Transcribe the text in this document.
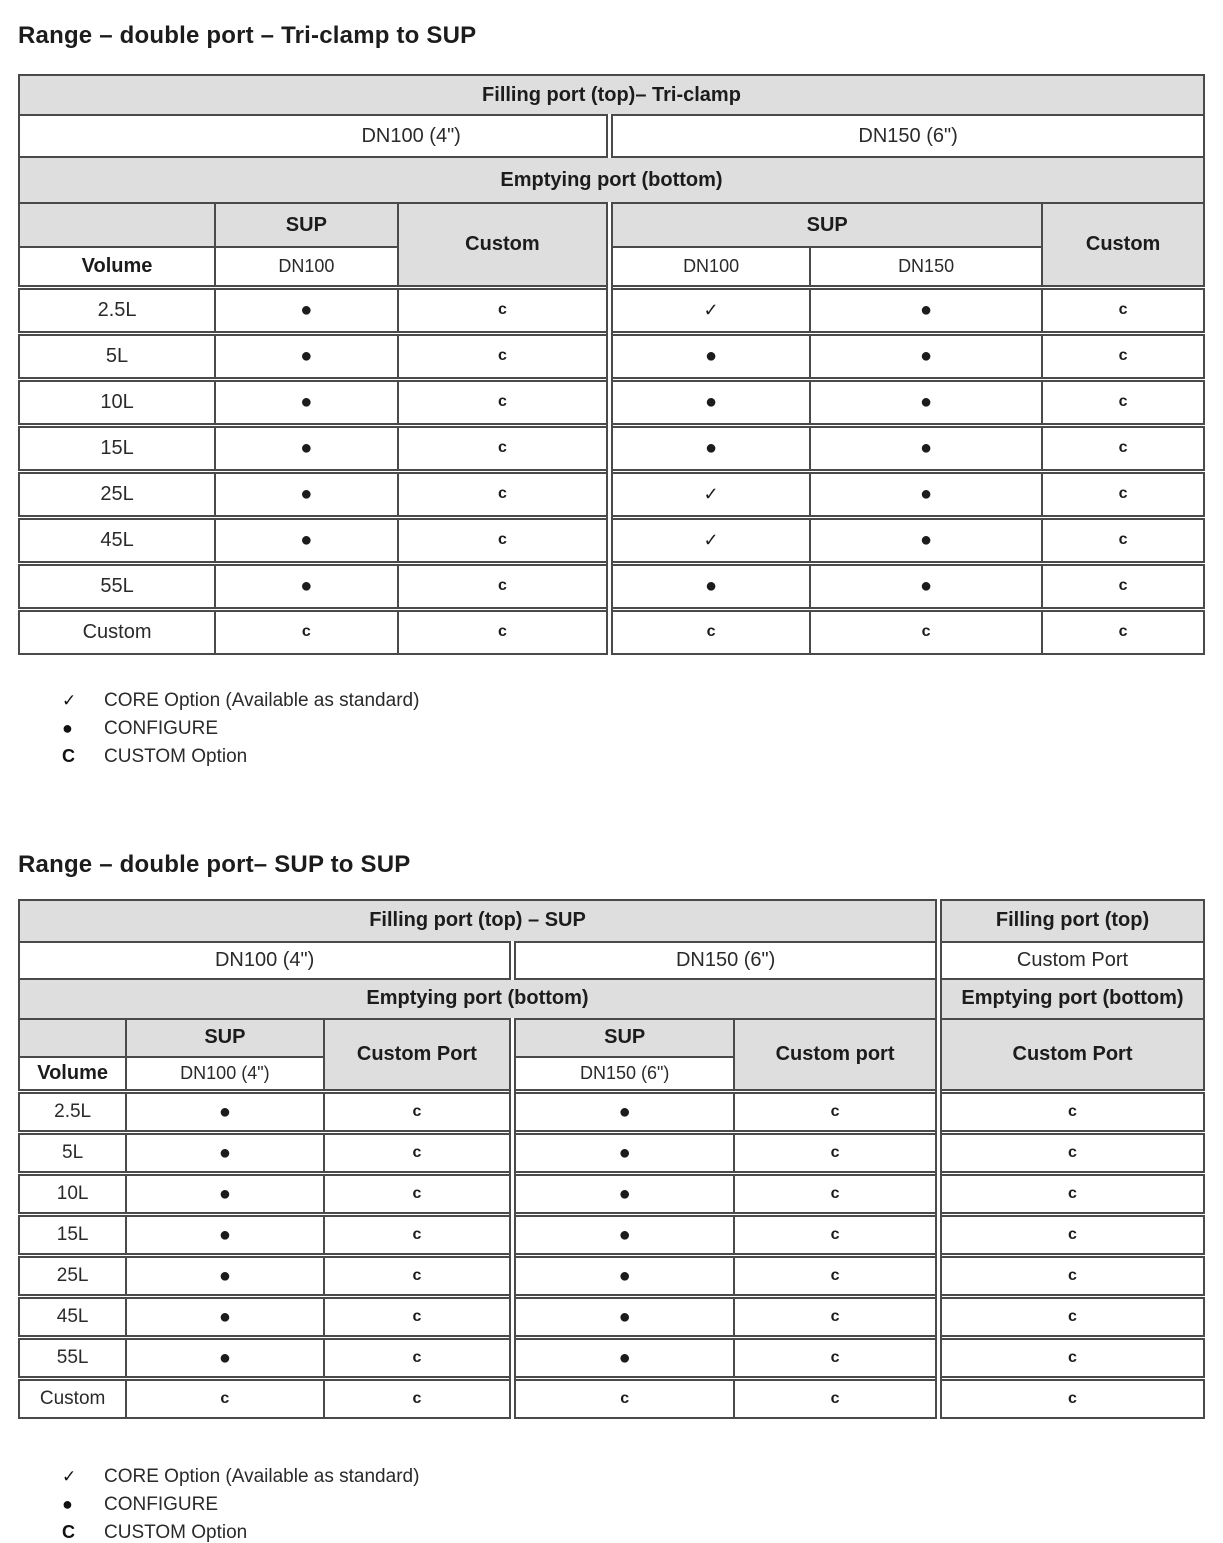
Range – double port – Tri-clamp to SUP
Filling port (top)– Tri-clamp					
DN100 (4")			DN150 (6")		
Emptying port (bottom)					
	SUP	Custom	SUP		Custom
Volume	DN100		DN100	DN150	
2.5L	●	c	✓	●	c
5L	●	c	●	●	c
10L	●	c	●	●	c
15L	●	c	●	●	c
25L	●	c	✓	●	c
45L	●	c	✓	●	c
55L	●	c	●	●	c
Custom	c	c	c	c	c
✓	CORE Option (Available as standard)
●	CONFIGURE
C	CUSTOM Option
Range – double port– SUP to SUP
Filling port (top) – SUP					Filling port (top)
DN100 (4")			DN150 (6")		Custom Port
Emptying port (bottom)					Emptying port (bottom)
	SUP	Custom Port	SUP	Custom port	Custom Port
Volume	DN100 (4")		DN150 (6")		
2.5L	●	c	●	c	c
5L	●	c	●	c	c
10L	●	c	●	c	c
15L	●	c	●	c	c
25L	●	c	●	c	c
45L	●	c	●	c	c
55L	●	c	●	c	c
Custom	c	c	c	c	c
✓	CORE Option (Available as standard)
●	CONFIGURE
C	CUSTOM Option
